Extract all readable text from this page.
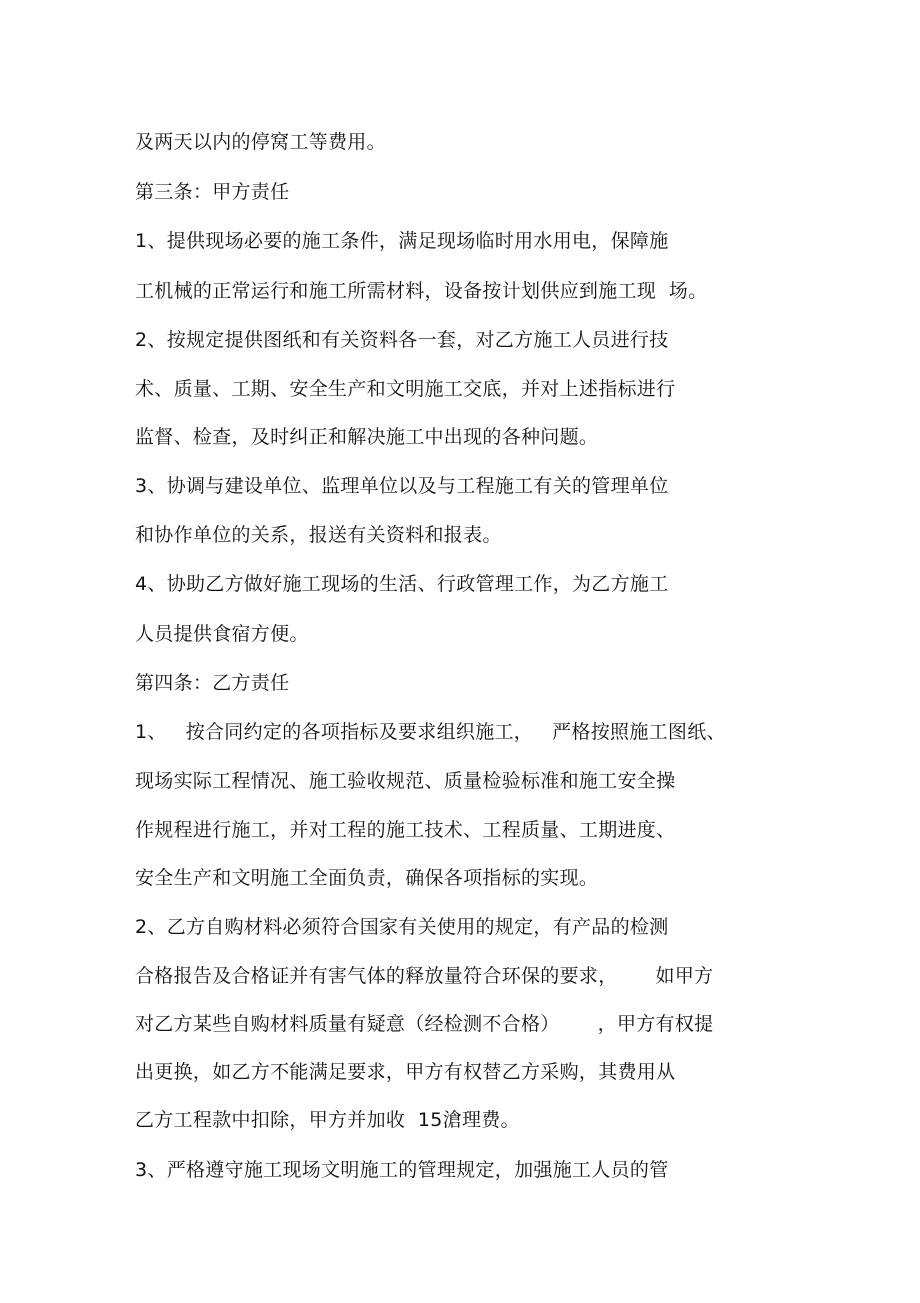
及两天以内的停窝工等费用。
第三条：甲方责任
1、提供现场必要的施工条件，满足现场临时用水用电，保障施
工机械的正常运行和施工所需材料，设备按计划供应到施工现  场。
2、按规定提供图纸和有关资料各一套，对乙方施工人员进行技
术、质量、工期、安全生产和文明施工交底，并对上述指标进行
监督、检查，及时纠正和解决施工中出现的各种问题。
3、协调与建设单位、监理单位以及与工程施工有关的管理单位
和协作单位的关系，报送有关资料和报表。
4、协助乙方做好施工现场的生活、行政管理工作，为乙方施工
人员提供食宿方便。
第四条：乙方责任
1、   按合同约定的各项指标及要求组织施工，   严格按照施工图纸、
现场实际工程情况、施工验收规范、质量检验标准和施工安全操
作规程进行施工，并对工程的施工技术、工程质量、工期进度、
安全生产和文明施工全面负责，确保各项指标的实现。
2、乙方自购材料必须符合国家有关使用的规定，有产品的检测
合格报告及合格证并有害气体的释放量符合环保的要求，      如甲方
对乙方某些自购材料质量有疑意（经检测不合格）      ，甲方有权提
出更换，如乙方不能满足要求，甲方有权替乙方采购，其费用从
乙方工程款中扣除，甲方并加收  15滄理费。
3、严格遵守施工现场文明施工的管理规定，加强施工人员的管
